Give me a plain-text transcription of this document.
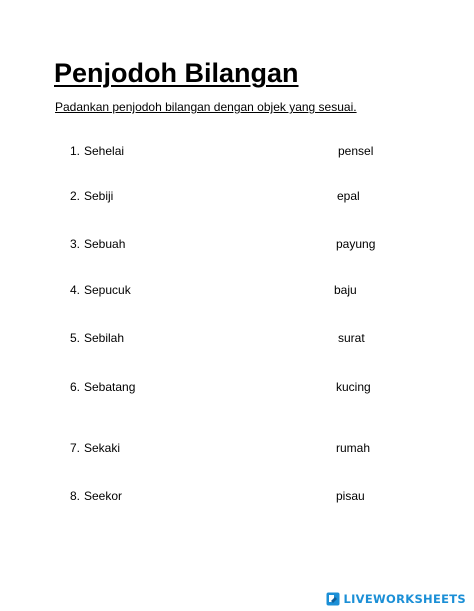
Penjodoh Bilangan
Padankan penjodoh bilangan dengan objek yang sesuai.
1. Sehelai	pensel
2. Sebiji	epal
3. Sebuah	payung
4. Sepucuk	baju
5. Sebilah	surat
6. Sebatang	kucing
7. Sekaki	rumah
8. Seekor	pisau
LIVEWORKSHEETS
